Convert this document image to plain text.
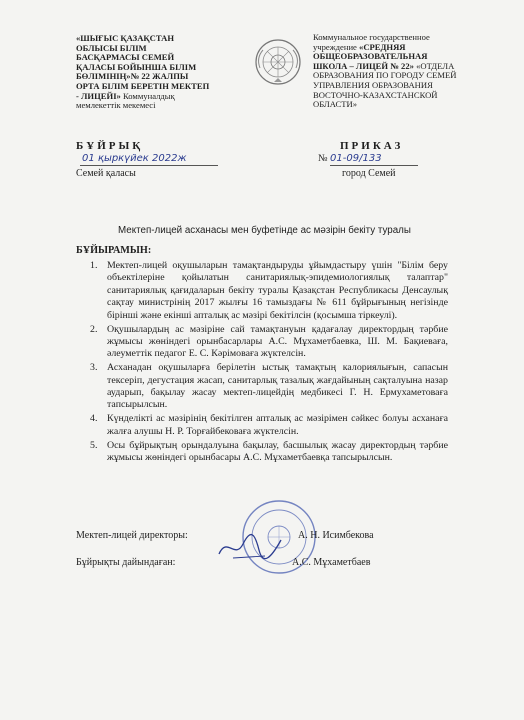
«ШЫҒЫС ҚАЗАҚСТАН
ОБЛЫСЫ БІЛІМ
БАСҚАРМАСЫ СЕМЕЙ
ҚАЛАСЫ БОЙЫНША БІЛІМ
БӨЛІМІНІҢ»№ 22 ЖАЛПЫ
ОРТА БІЛІМ БЕРЕТІН МЕКТЕП
- ЛИЦЕЙІ» Коммуналдық
мемлекеттік мекемесі
Коммунальное государственное
учреждение «СРЕДНЯЯ
ОБЩЕОБРАЗОВАТЕЛЬНАЯ
ШКОЛА – ЛИЦЕЙ № 22» «ОТДЕЛА
ОБРАЗОВАНИЯ ПО ГОРОДУ СЕМЕЙ
УПРАВЛЕНИЯ ОБРАЗОВАНИЯ
ВОСТОЧНО-КАЗАХСТАНСКОЙ
ОБЛАСТИ»
БҰЙРЫҚ	ПРИКАЗ
01 қыркүйек 2022ж	№ 01-09/133
Семей қаласы	город Семей
Мектеп-лицей асханасы мен буфетінде ас мәзірін бекіту туралы
БҰЙЫРАМЫН:
1. Мектеп-лицей оқушыларын тамақтандыруды ұйымдастыру үшін "Білім беру объектілеріне қойылатын санитариялық-эпидемиологиялық талаптар" санитариялық қағидаларын бекіту туралы Қазақстан Республикасы Денсаулық сақтау министрінің 2017 жылғы 16 тамыздағы № 611 бұйрығының негізінде бірінші және екінші апталық ас мәзірі бекітілсін (қосымша тіркеулі).
2. Оқушылардың ас мәзіріне сай тамақтануын қадағалау директордың тәрбие жұмысы жөніндегі орынбасарлары А.С. Мұхаметбаевка, Ш. М. Бақиеваға, әлеуметтік педагог Е. С. Кәрімоваға жүктелсін.
3. Асханадан оқушыларға берілетін ыстық тамақтың калориялығын, сапасын тексеріп, дегустация жасап, санитарлық тазалық жағдайының сақталуына назар аударып, бақылау жасау мектеп-лицейдің медбикесі Г. Н. Ермухаметоваға тапсырылсын.
4. Күнделікті ас мәзірінің бекітілген апталық ас мәзірімен сәйкес болуы асханаға жалға алушы Н. Р. Торғайбековаға жүктелсін.
5. Осы бұйрықтың орындалуына бақылау, басшылық жасау директордың тәрбие жұмысы жөніндегі орынбасары А.С. Мұхаметбаевқа тапсырылсын.
Мектеп-лицей директоры:	А. Н. Исимбекова
Бұйрықты дайындаған:	А.С. Мұхаметбаев
